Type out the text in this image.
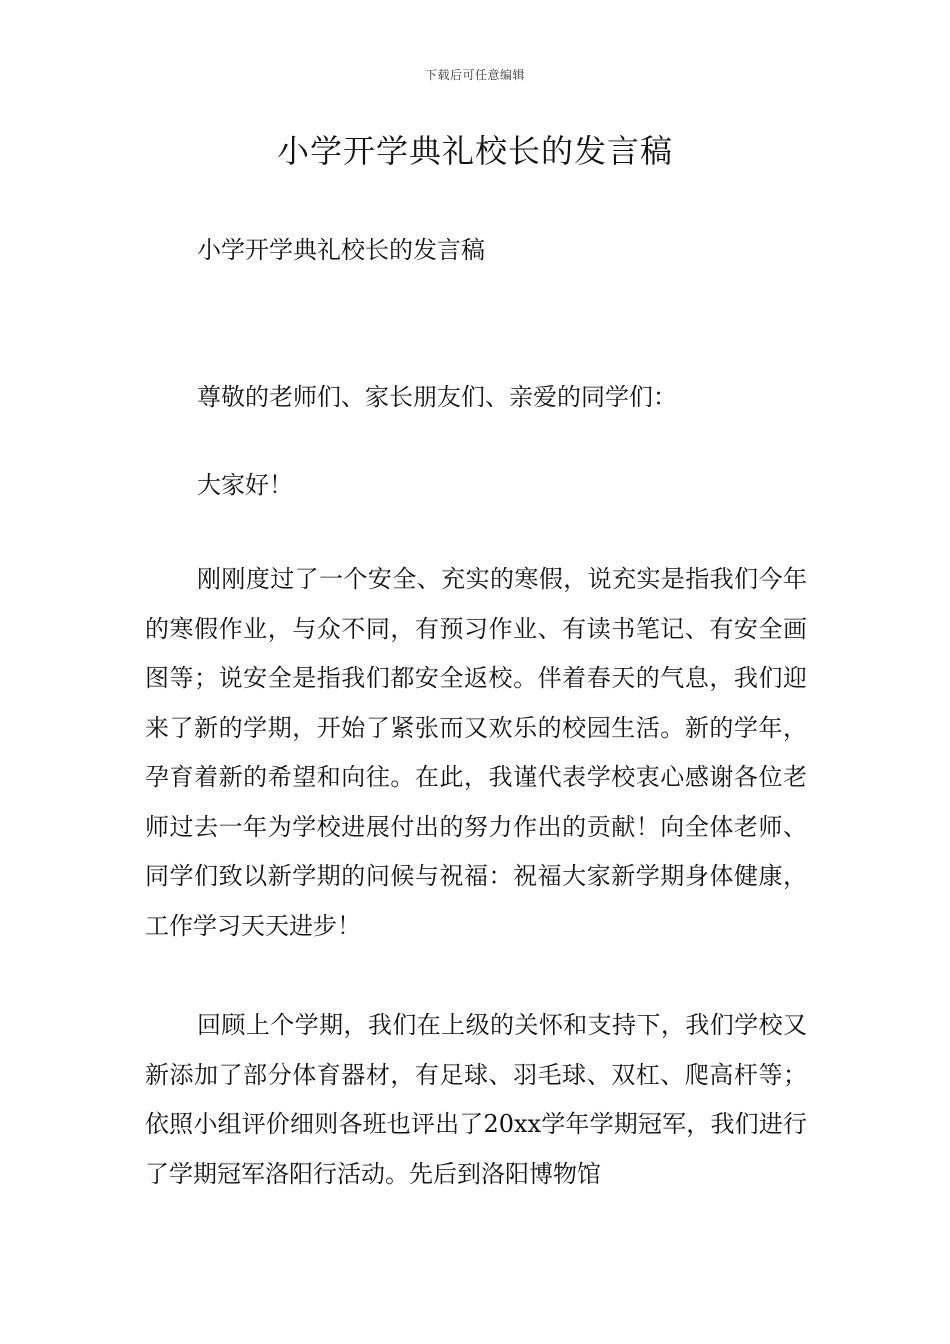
下载后可任意编辑
小学开学典礼校长的发言稿

小学开学典礼校长的发言稿

尊敬的老师们、家长朋友们、亲爱的同学们：

大家好！

刚刚度过了一个安全、充实的寒假，说充实是指我们今年的寒假作业，与众不同，有预习作业、有读书笔记、有安全画图等；说安全是指我们都安全返校。伴着春天的气息，我们迎来了新的学期，开始了紧张而又欢乐的校园生活。新的学年，孕育着新的希望和向往。在此，我谨代表学校衷心感谢各位老师过去一年为学校进展付出的努力作出的贡献！向全体老师、同学们致以新学期的问候与祝福：祝福大家新学期身体健康，工作学习天天进步！

回顾上个学期，我们在上级的关怀和支持下，我们学校又新添加了部分体育器材，有足球、羽毛球、双杠、爬高杆等；依照小组评价细则各班也评出了20xx学年学期冠军，我们进行了学期冠军洛阳行活动。先后到洛阳博物馆
